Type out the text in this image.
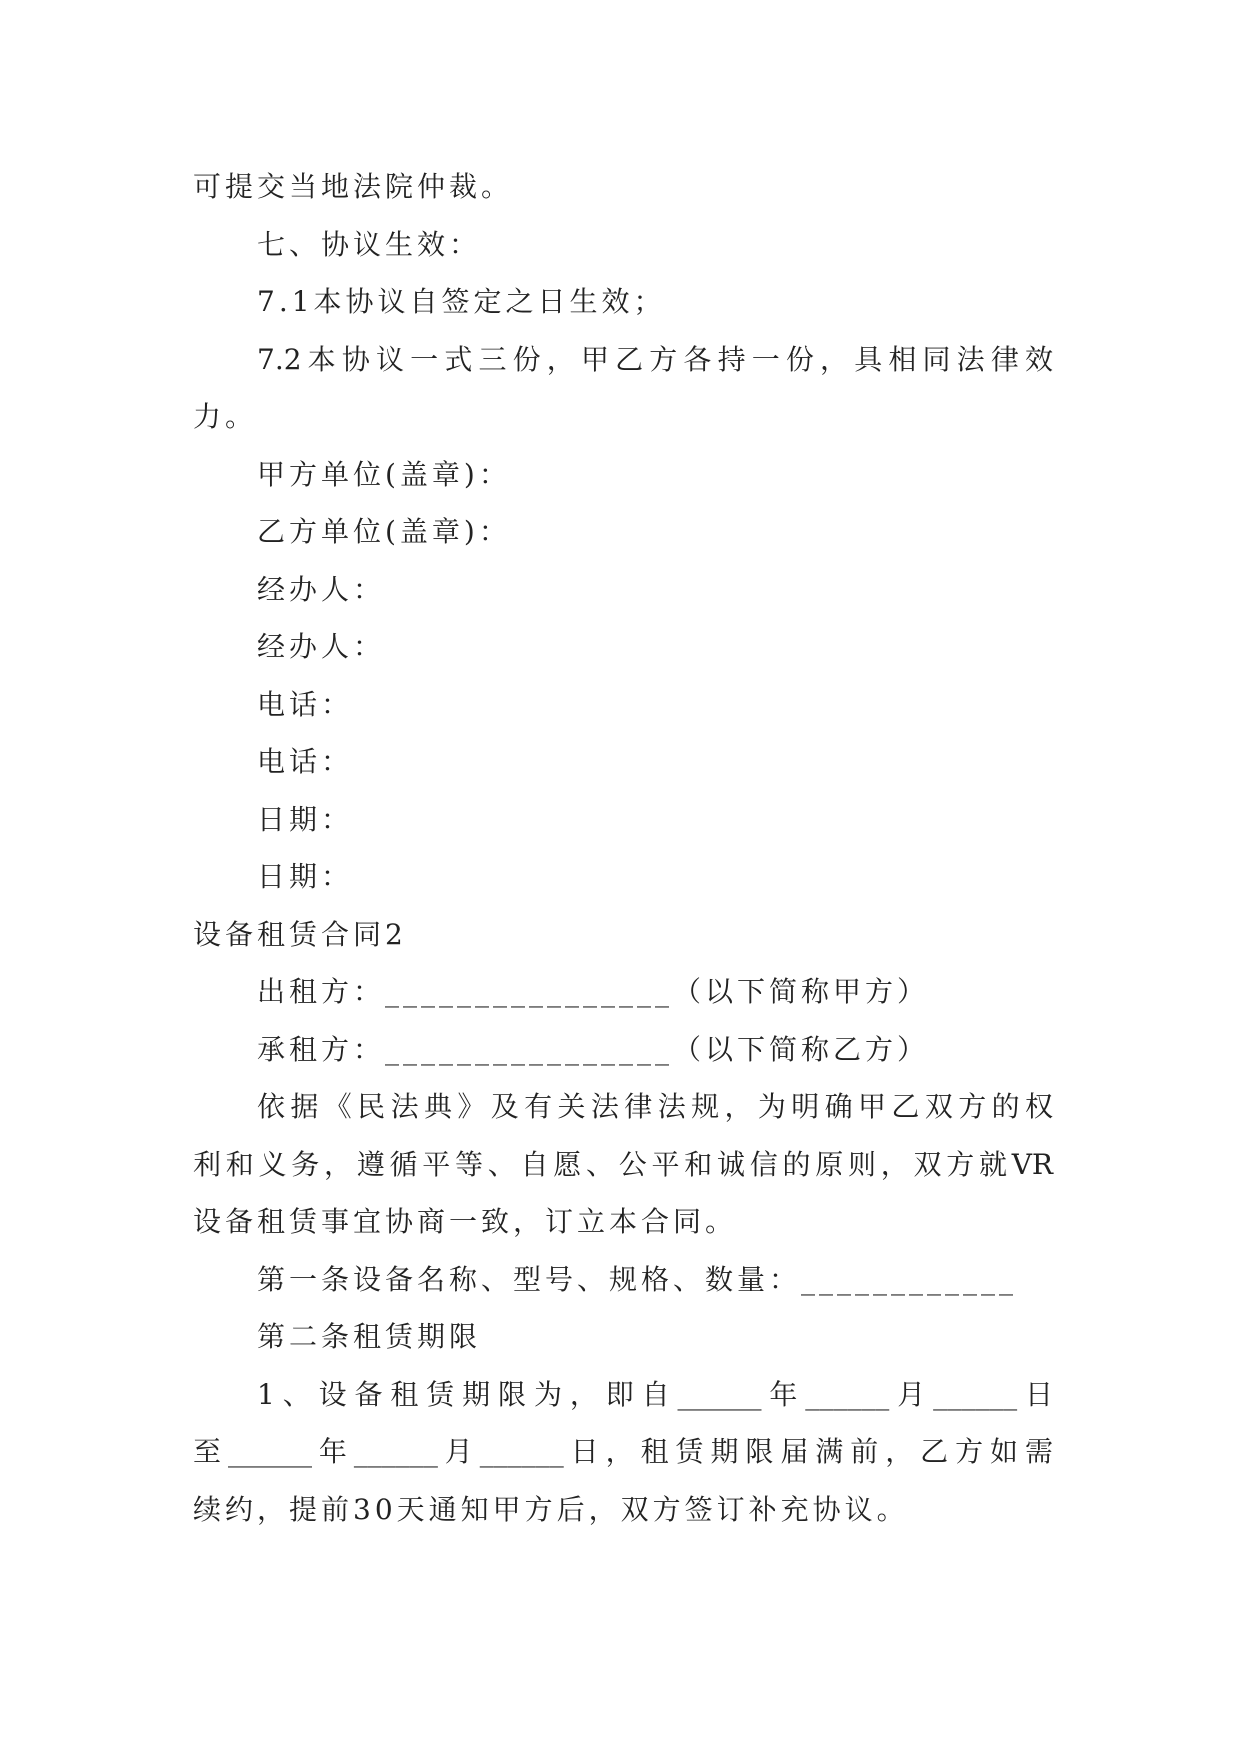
可提交当地法院仲裁。
七、协议生效：
7.1本协议自签定之日生效；
7.2本协议一式三份，甲乙方各持一份，具相同法律效
力。
甲方单位(盖章)：
乙方单位(盖章)：
经办人：
经办人：
电话：
电话：
日期：
日期：
设备租赁合同2
出租方：________________（以下简称甲方）
承租方：________________（以下简称乙方）
依据《民法典》及有关法律法规，为明确甲乙双方的权
利和义务，遵循平等、自愿、公平和诚信的原则，双方就VR
设备租赁事宜协商一致，订立本合同。
第一条设备名称、型号、规格、数量：____________
第二条租赁期限
1、设备租赁期限为，即自______年______月______日
至______年______月______日，租赁期限届满前，乙方如需
续约，提前30天通知甲方后，双方签订补充协议。
